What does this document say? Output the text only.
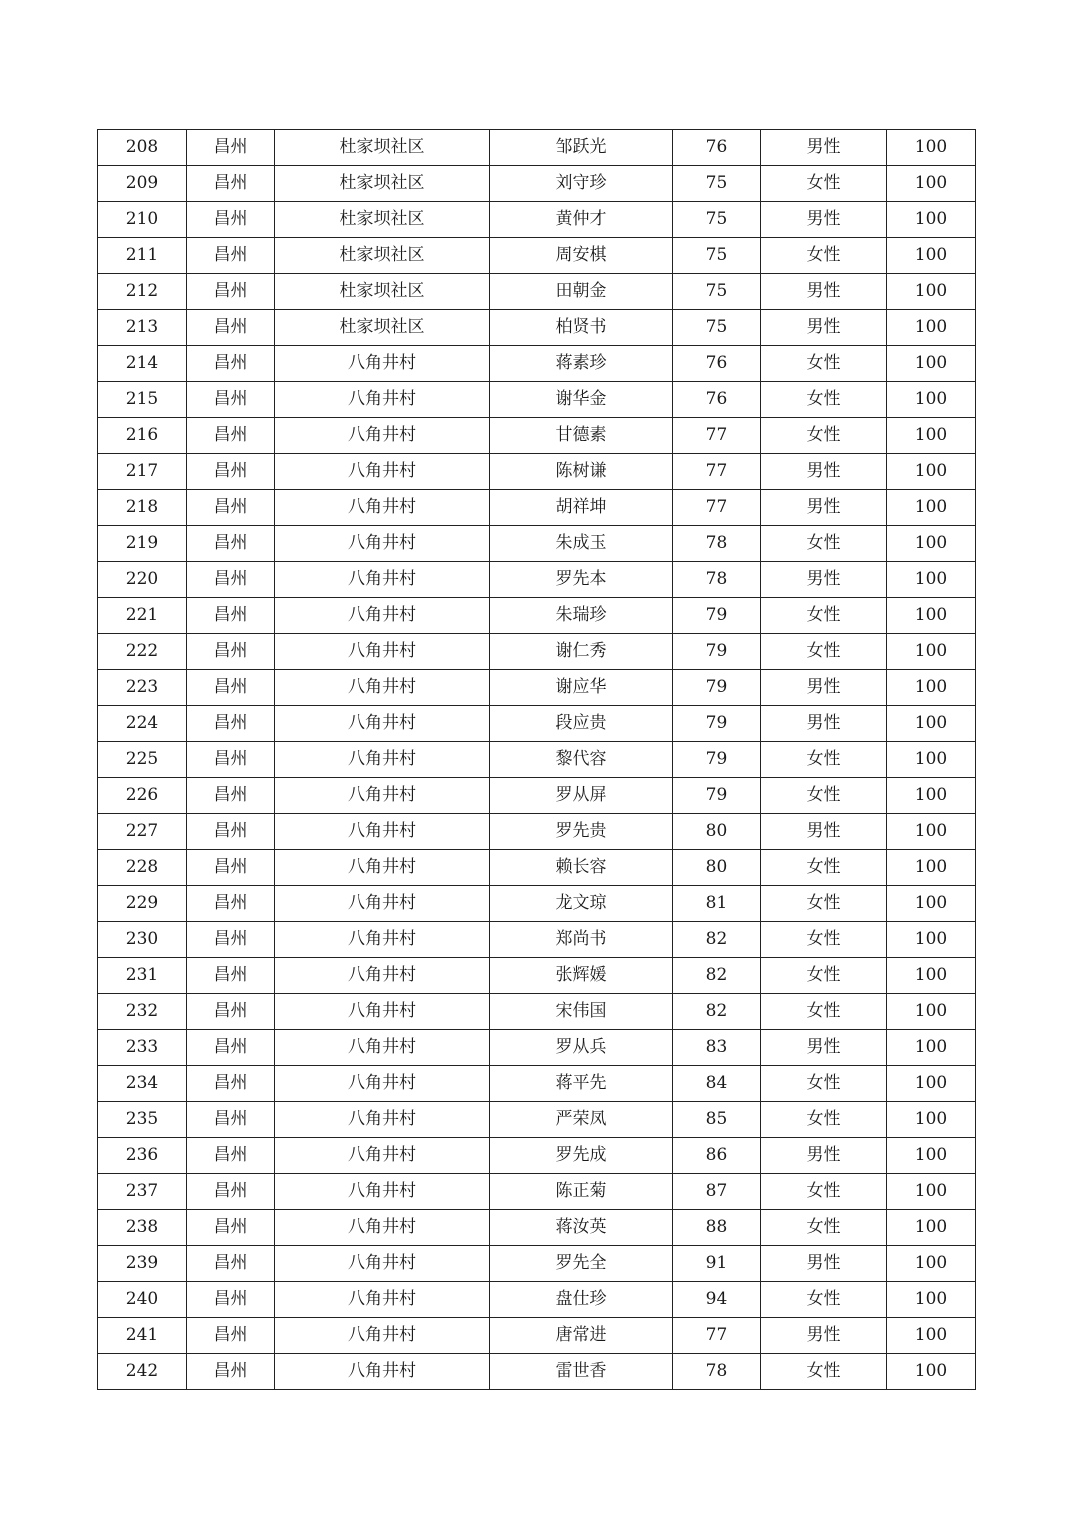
208	昌州	杜家坝社区	邹跃光	76	男性	100
209	昌州	杜家坝社区	刘守珍	75	女性	100
210	昌州	杜家坝社区	黄仲才	75	男性	100
211	昌州	杜家坝社区	周安棋	75	女性	100
212	昌州	杜家坝社区	田朝金	75	男性	100
213	昌州	杜家坝社区	柏贤书	75	男性	100
214	昌州	八角井村	蒋素珍	76	女性	100
215	昌州	八角井村	谢华金	76	女性	100
216	昌州	八角井村	甘德素	77	女性	100
217	昌州	八角井村	陈树谦	77	男性	100
218	昌州	八角井村	胡祥坤	77	男性	100
219	昌州	八角井村	朱成玉	78	女性	100
220	昌州	八角井村	罗先本	78	男性	100
221	昌州	八角井村	朱瑞珍	79	女性	100
222	昌州	八角井村	谢仁秀	79	女性	100
223	昌州	八角井村	谢应华	79	男性	100
224	昌州	八角井村	段应贵	79	男性	100
225	昌州	八角井村	黎代容	79	女性	100
226	昌州	八角井村	罗从屏	79	女性	100
227	昌州	八角井村	罗先贵	80	男性	100
228	昌州	八角井村	赖长容	80	女性	100
229	昌州	八角井村	龙文琼	81	女性	100
230	昌州	八角井村	郑尚书	82	女性	100
231	昌州	八角井村	张辉媛	82	女性	100
232	昌州	八角井村	宋伟国	82	女性	100
233	昌州	八角井村	罗从兵	83	男性	100
234	昌州	八角井村	蒋平先	84	女性	100
235	昌州	八角井村	严荣凤	85	女性	100
236	昌州	八角井村	罗先成	86	男性	100
237	昌州	八角井村	陈正菊	87	女性	100
238	昌州	八角井村	蒋汝英	88	女性	100
239	昌州	八角井村	罗先全	91	男性	100
240	昌州	八角井村	盘仕珍	94	女性	100
241	昌州	八角井村	唐常进	77	男性	100
242	昌州	八角井村	雷世香	78	女性	100
